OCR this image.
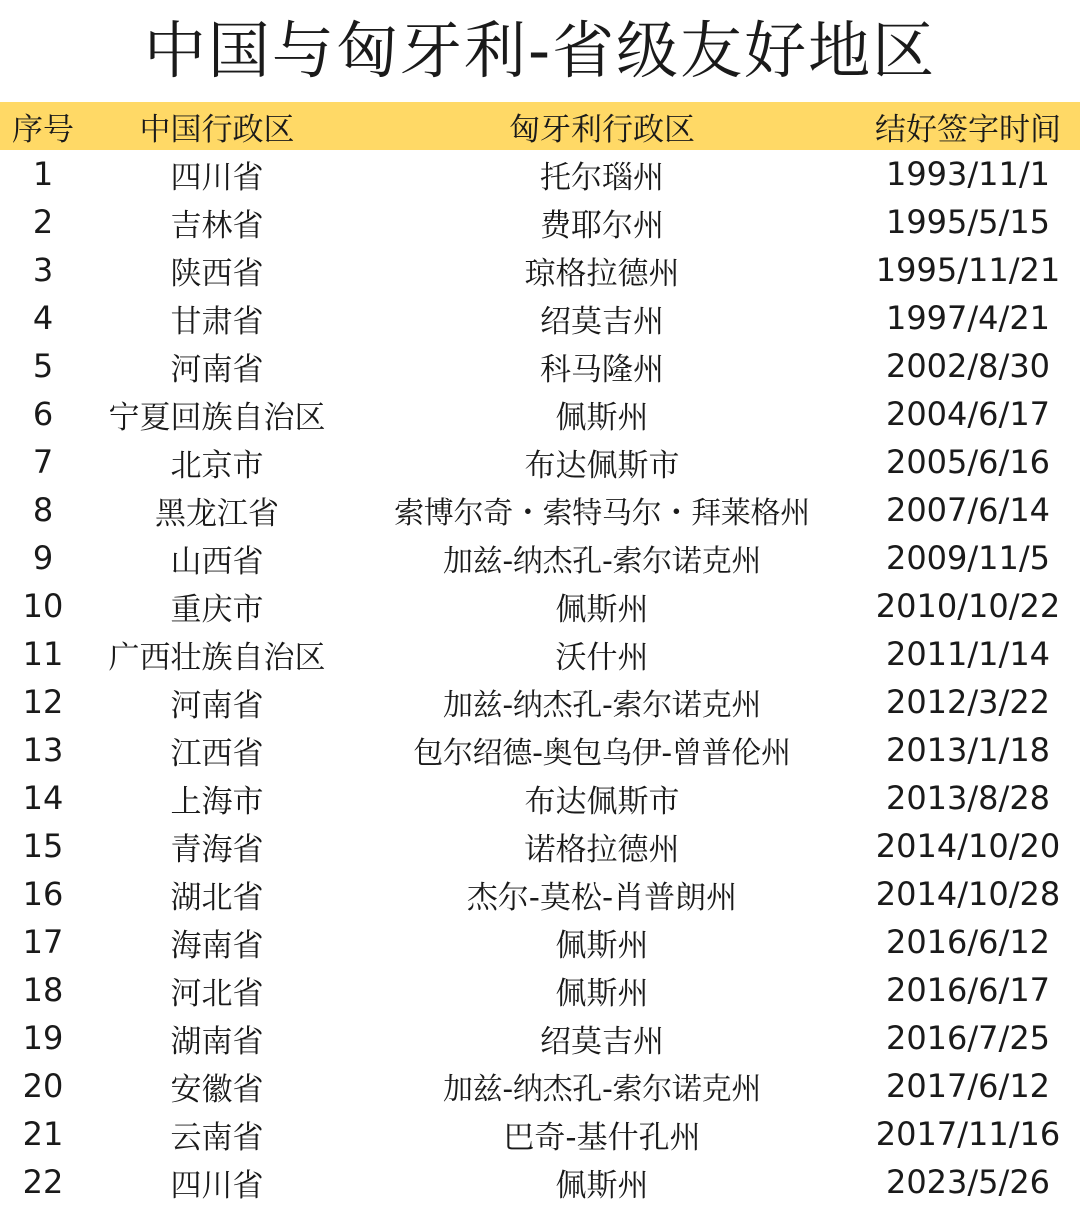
中国与匈牙利-省级友好地区
序号	中国行政区	匈牙利行政区	结好签字时间
1	四川省	托尔瑙州	1993/11/1
2	吉林省	费耶尔州	1995/5/15
3	陕西省	琼格拉德州	1995/11/21
4	甘肃省	绍莫吉州	1997/4/21
5	河南省	科马隆州	2002/8/30
6	宁夏回族自治区	佩斯州	2004/6/17
7	北京市	布达佩斯市	2005/6/16
8	黑龙江省	索博尔奇・索特马尔・拜莱格州	2007/6/14
9	山西省	加兹-纳杰孔-索尔诺克州	2009/11/5
10	重庆市	佩斯州	2010/10/22
11	广西壮族自治区	沃什州	2011/1/14
12	河南省	加兹-纳杰孔-索尔诺克州	2012/3/22
13	江西省	包尔绍德-奥包乌伊-曾普伦州	2013/1/18
14	上海市	布达佩斯市	2013/8/28
15	青海省	诺格拉德州	2014/10/20
16	湖北省	杰尔-莫松-肖普朗州	2014/10/28
17	海南省	佩斯州	2016/6/12
18	河北省	佩斯州	2016/6/17
19	湖南省	绍莫吉州	2016/7/25
20	安徽省	加兹-纳杰孔-索尔诺克州	2017/6/12
21	云南省	巴奇-基什孔州	2017/11/16
22	四川省	佩斯州	2023/5/26
